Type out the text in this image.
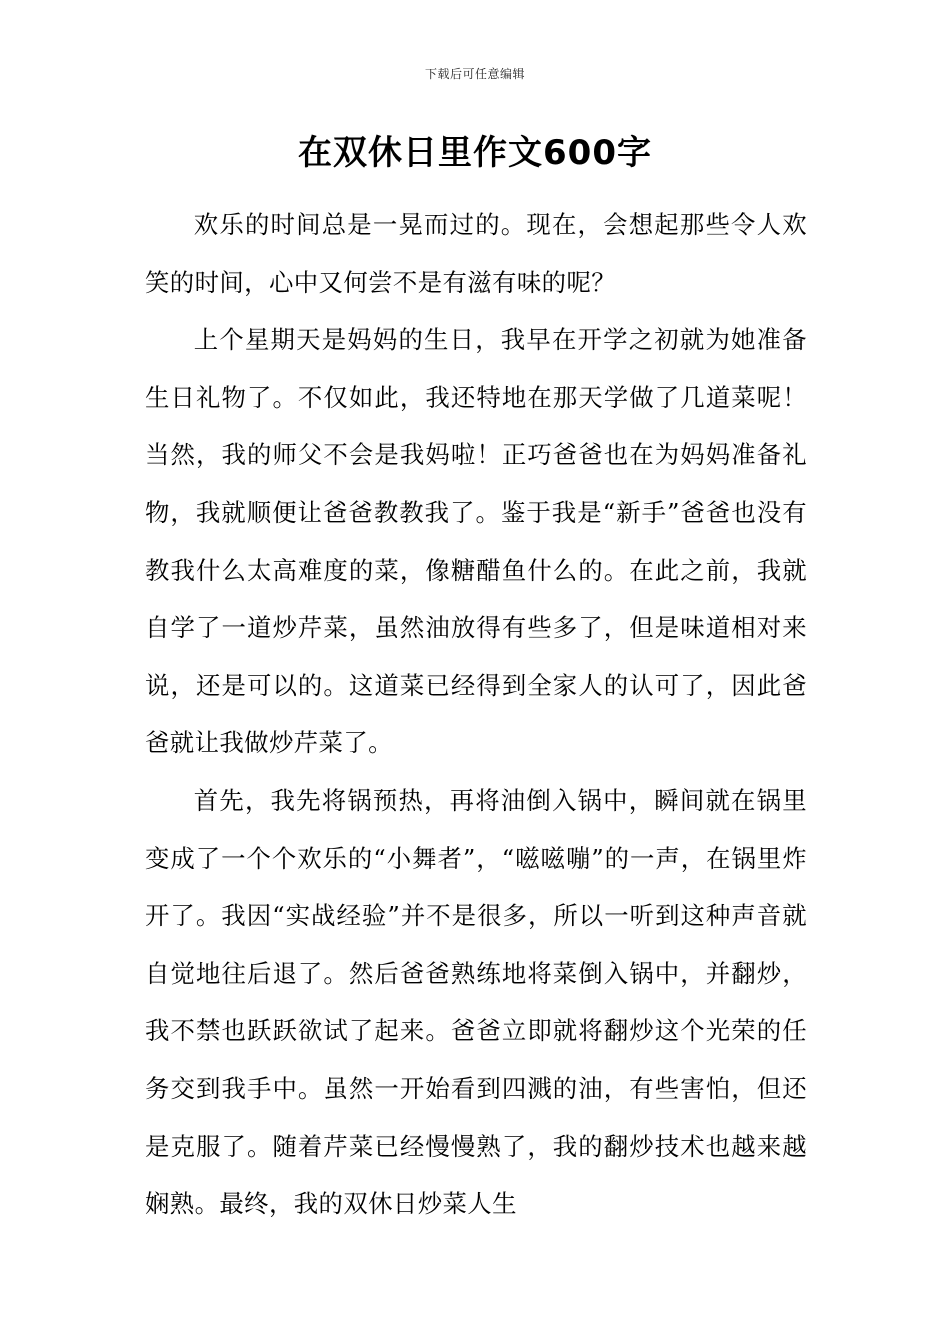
下载后可任意编辑
在双休日里作文600字

欢乐的时间总是一晃而过的。现在，会想起那些令人欢笑的时间，心中又何尝不是有滋有味的呢？

上个星期天是妈妈的生日，我早在开学之初就为她准备生日礼物了。不仅如此，我还特地在那天学做了几道菜呢！当然，我的师父不会是我妈啦！正巧爸爸也在为妈妈准备礼物，我就顺便让爸爸教教我了。鉴于我是“新手”爸爸也没有教我什么太高难度的菜，像糖醋鱼什么的。在此之前，我就自学了一道炒芹菜，虽然油放得有些多了，但是味道相对来说，还是可以的。这道菜已经得到全家人的认可了，因此爸爸就让我做炒芹菜了。

首先，我先将锅预热，再将油倒入锅中，瞬间就在锅里变成了一个个欢乐的“小舞者”，“嗞嗞嘣”的一声，在锅里炸开了。我因“实战经验”并不是很多，所以一听到这种声音就自觉地往后退了。然后爸爸熟练地将菜倒入锅中，并翻炒，我不禁也跃跃欲试了起来。爸爸立即就将翻炒这个光荣的任务交到我手中。虽然一开始看到四溅的油，有些害怕，但还是克服了。随着芹菜已经慢慢熟了，我的翻炒技术也越来越娴熟。最终，我的双休日炒菜人生
